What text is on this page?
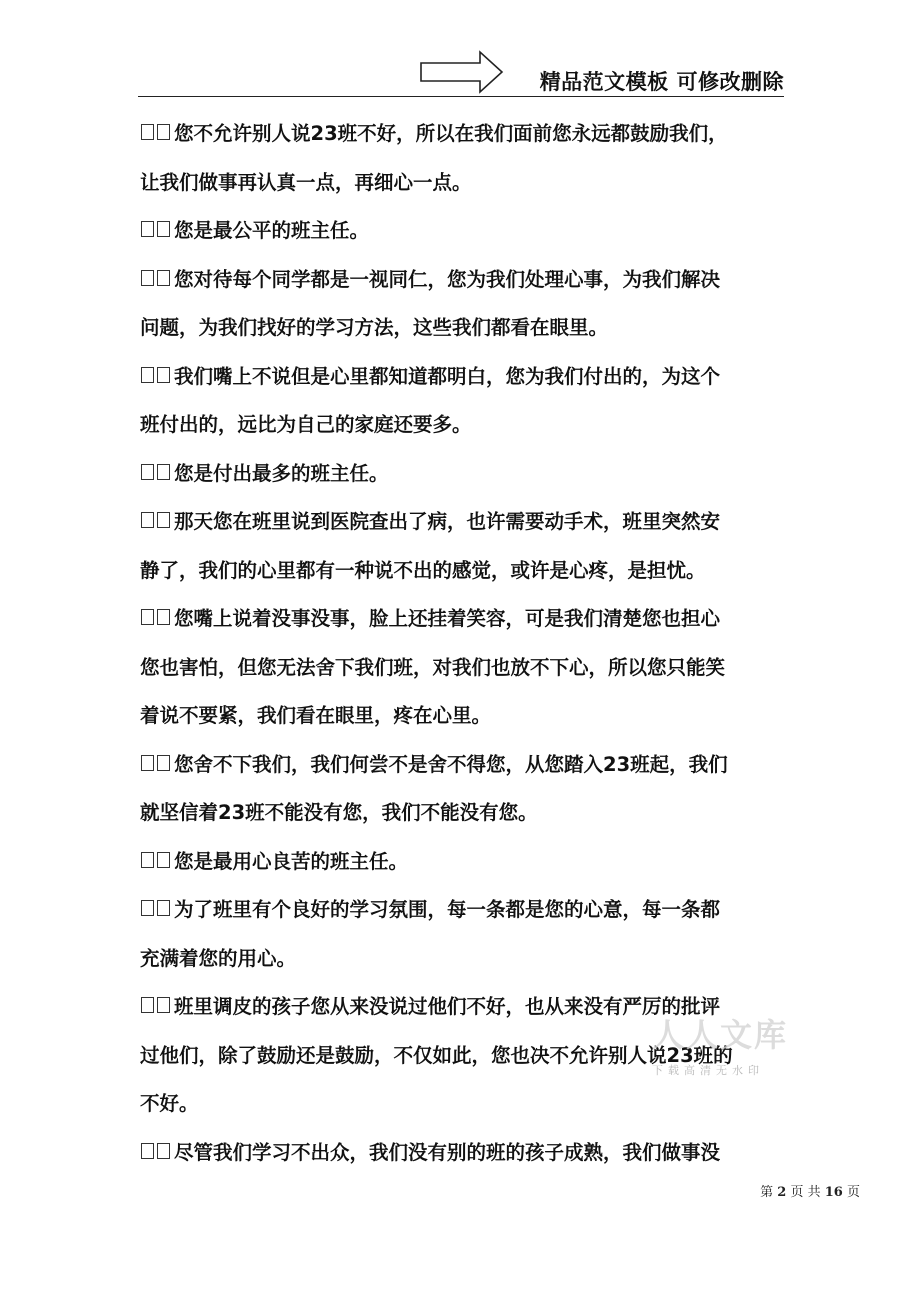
精品范文模板 可修改删除
您不允许别人说23班不好，所以在我们面前您永远都鼓励我们，
让我们做事再认真一点，再细心一点。
您是最公平的班主任。
您对待每个同学都是一视同仁，您为我们处理心事，为我们解决
问题，为我们找好的学习方法，这些我们都看在眼里。
我们嘴上不说但是心里都知道都明白，您为我们付出的，为这个
班付出的，远比为自己的家庭还要多。
您是付出最多的班主任。
那天您在班里说到医院查出了病，也许需要动手术，班里突然安
静了，我们的心里都有一种说不出的感觉，或许是心疼，是担忧。
您嘴上说着没事没事，脸上还挂着笑容，可是我们清楚您也担心
您也害怕，但您无法舍下我们班，对我们也放不下心，所以您只能笑
着说不要紧，我们看在眼里，疼在心里。
您舍不下我们，我们何尝不是舍不得您，从您踏入23班起，我们
就坚信着23班不能没有您，我们不能没有您。
您是最用心良苦的班主任。
为了班里有个良好的学习氛围，每一条都是您的心意，每一条都
充满着您的用心。
班里调皮的孩子您从来没说过他们不好，也从来没有严厉的批评
过他们，除了鼓励还是鼓励，不仅如此，您也决不允许别人说23班的
不好。
尽管我们学习不出众，我们没有别的班的孩子成熟，我们做事没
人人文库
下载高清无水印
第 2 页 共 16 页
